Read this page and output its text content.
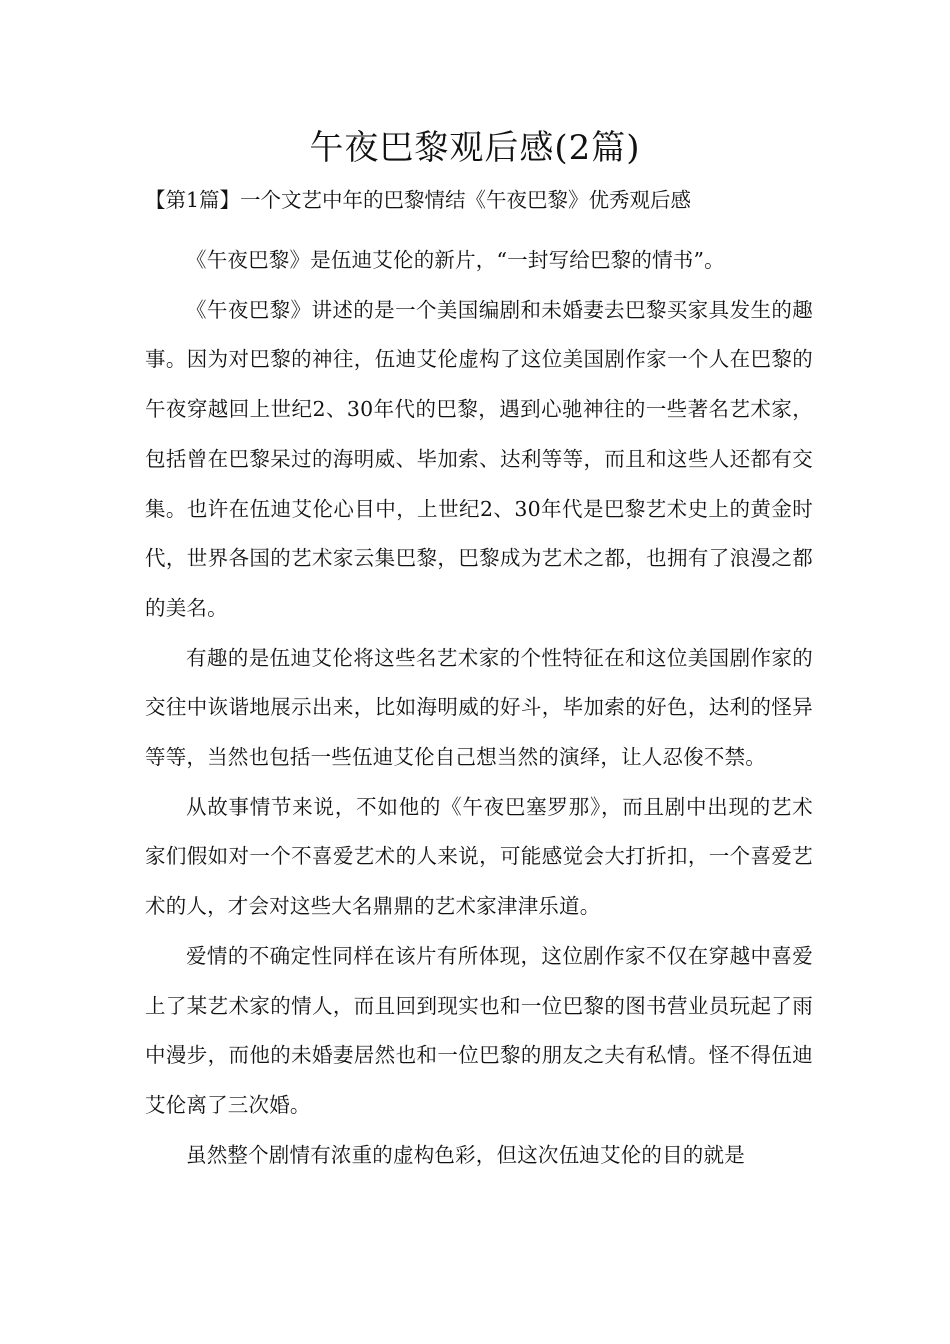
午夜巴黎观后感(2篇)

【第1篇】一个文艺中年的巴黎情结《午夜巴黎》优秀观后感

《午夜巴黎》是伍迪艾伦的新片，“一封写给巴黎的情书”。

《午夜巴黎》讲述的是一个美国编剧和未婚妻去巴黎买家具发生的趣事。因为对巴黎的神往，伍迪艾伦虚构了这位美国剧作家一个人在巴黎的午夜穿越回上世纪2、30年代的巴黎，遇到心驰神往的一些著名艺术家，包括曾在巴黎呆过的海明威、毕加索、达利等等，而且和这些人还都有交集。也许在伍迪艾伦心目中，上世纪2、30年代是巴黎艺术史上的黄金时代，世界各国的艺术家云集巴黎，巴黎成为艺术之都，也拥有了浪漫之都的美名。

有趣的是伍迪艾伦将这些名艺术家的个性特征在和这位美国剧作家的交往中诙谐地展示出来，比如海明威的好斗，毕加索的好色，达利的怪异等等，当然也包括一些伍迪艾伦自己想当然的演绎，让人忍俊不禁。

从故事情节来说，不如他的《午夜巴塞罗那》，而且剧中出现的艺术家们假如对一个不喜爱艺术的人来说，可能感觉会大打折扣，一个喜爱艺术的人，才会对这些大名鼎鼎的艺术家津津乐道。

爱情的不确定性同样在该片有所体现，这位剧作家不仅在穿越中喜爱上了某艺术家的情人，而且回到现实也和一位巴黎的图书营业员玩起了雨中漫步，而他的未婚妻居然也和一位巴黎的朋友之夫有私情。怪不得伍迪艾伦离了三次婚。

虽然整个剧情有浓重的虚构色彩，但这次伍迪艾伦的目的就是
